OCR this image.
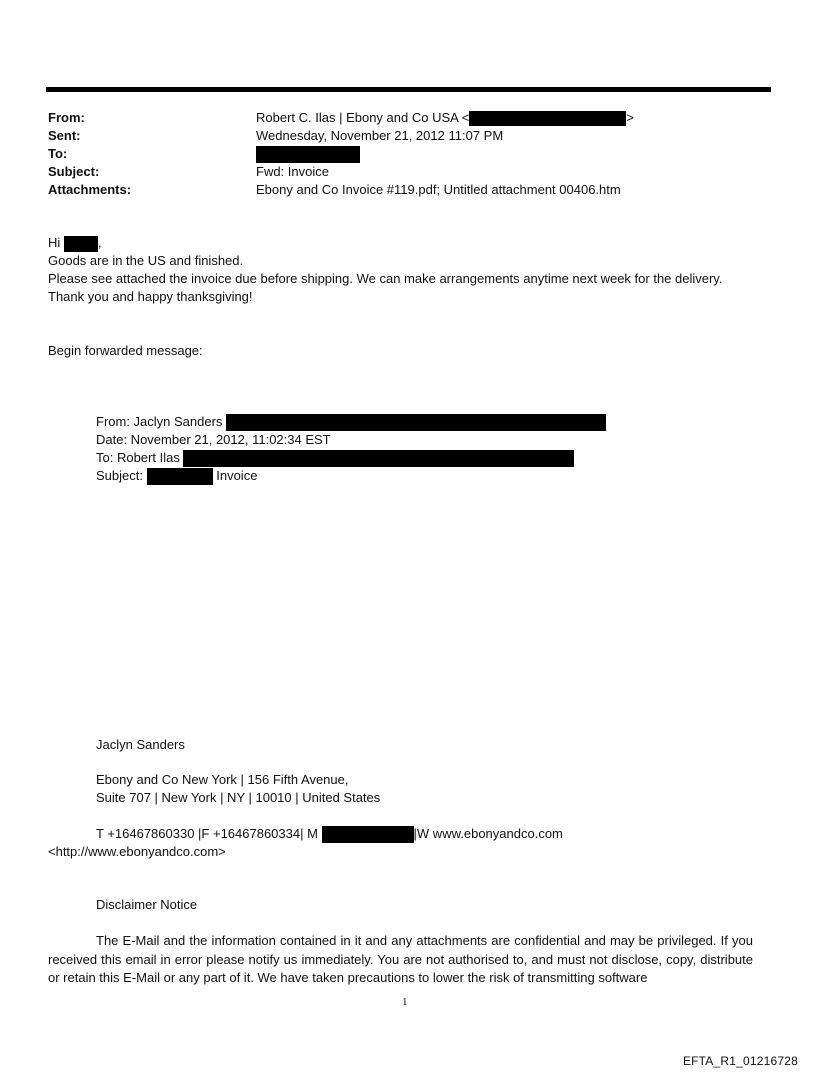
From:	Robert C. Ilas | Ebony and Co USA <	>
Sent:	Wednesday, November 21, 2012 11:07 PM
To:
Subject:	Fwd: Invoice
Attachments:	Ebony and Co Invoice #119.pdf; Untitled attachment 00406.htm
Hi	,
Goods are in the US and finished.
Please see attached the invoice due before shipping. We can make arrangements anytime next week for the delivery.
Thank you and happy thanksgiving!
Begin forwarded message:
From: Jaclyn Sanders
Date: November 21, 2012, 11:02:34 EST
To: Robert Ilas
Subject:	Invoice
Jaclyn Sanders
Ebony and Co New York | 156 Fifth Avenue,
Suite 707 | New York | NY | 10010 | United States
T +16467860330 |F +16467860334| M	|W www.ebonyandco.com
<http://www.ebonyandco.com>
Disclaimer Notice
The E-Mail and the information contained in it and any attachments are confidential and may be privileged. If you received this email in error please notify us immediately. You are not authorised to, and must not disclose, copy, distribute or retain this E-Mail or any part of it. We have taken precautions to lower the risk of transmitting software
1
EFTA_R1_01216728
